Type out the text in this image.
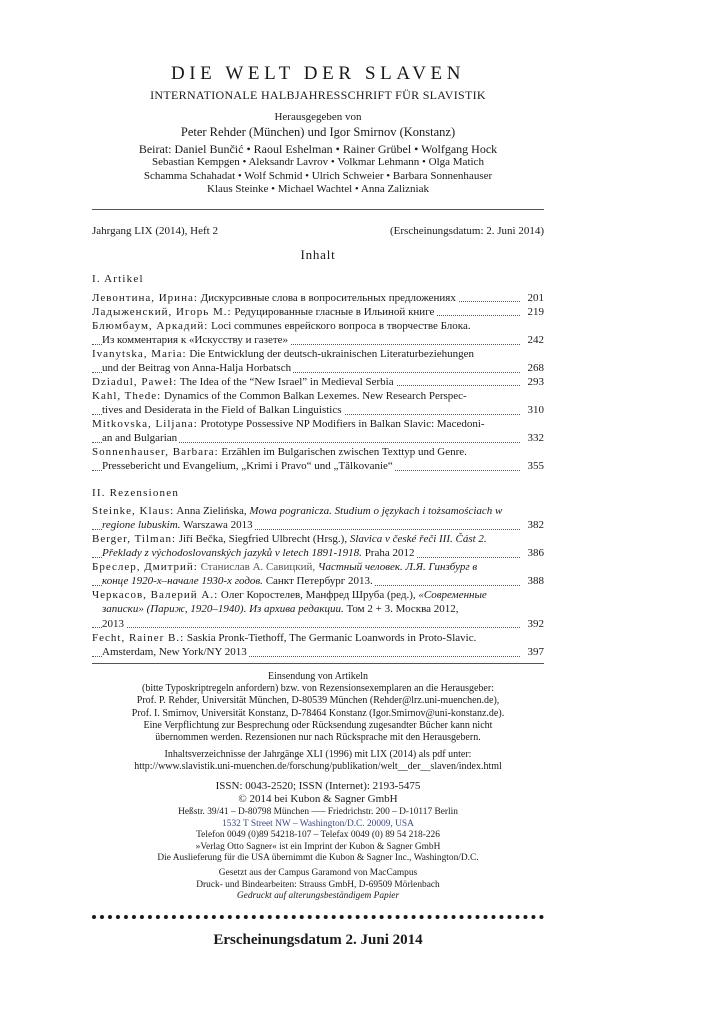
DIE WELT DER SLAVEN
INTERNATIONALE HALBJAHRESSCHRIFT FÜR SLAVISTIK
Herausgegeben von
Peter Rehder (München) und Igor Smirnov (Konstanz)
Beirat: Daniel Bunčić • Raoul Eshelman • Rainer Grübel • Wolfgang Hock
Sebastian Kempgen • Aleksandr Lavrov • Volkmar Lehmann • Olga Matich
Schamma Schahadat • Wolf Schmid • Ulrich Schweier • Barbara Sonnenhauser
Klaus Steinke • Michael Wachtel • Anna Zalizniak
Jahrgang LIX (2014), Heft 2	(Erscheinungsdatum: 2. Juni 2014)
Inhalt
I. Artikel
Левонтина, Ирина: Дискурсивные слова в вопросительных предложениях	201
Ладыженский, Игорь М.: Редуцированные гласные в Ильиной книге	219
Блюмбаум, Аркадий: Loci communes еврейского вопроса в творчестве Блока.
Из комментария к «Искусству и газете»	242
Ivanytska, Maria: Die Entwicklung der deutsch-ukrainischen Literaturbeziehungen
und der Beitrag von Anna-Halja Horbatsch	268
Dziadul, Paweł: The Idea of the “New Israel” in Medieval Serbia	293
Kahl, Thede: Dynamics of the Common Balkan Lexemes. New Research Perspec-
tives and Desiderata in the Field of Balkan Linguistics	310
Mitkovska, Liljana: Prototype Possessive NP Modifiers in Balkan Slavic: Macedoni-
an and Bulgarian	332
Sonnenhauser, Barbara: Erzählen im Bulgarischen zwischen Texttyp und Genre.
Pressebericht und Evangelium, „Krimi i Pravo“ und „Tălkovanie“	355
II. Rezensionen
Steinke, Klaus: Anna Zielińska, Mowa pogranicza. Studium o językach i tożsamościach w
regione lubuskim. Warszawa 2013	382
Berger, Tilman: Jiří Bečka, Siegfried Ulbrecht (Hrsg.), Slavica v české řeči III. Část 2.
Překlady z východoslovanských jazyků v letech 1891-1918. Praha 2012	386
Бреслер, Дмитрий: Станислав А. Савицкий, Частный человек. Л.Я. Гинзбург в
конце 1920-х–начале 1930-х годов. Санкт Петербург 2013.	388
Черкасов, Валерий А.: Олег Коростелев, Манфред Шруба (ред.), «Современные
записки» (Париж, 1920–1940). Из архива редакции. Том 2 + 3. Москва 2012,
2013	392
Fecht, Rainer B.: Saskia Pronk-Tiethoff, The Germanic Loanwords in Proto-Slavic.
Amsterdam, New York/NY 2013	397
Einsendung von Artikeln
(bitte Typoskriptregeln anfordern) bzw. von Rezensionsexemplaren an die Herausgeber:
Prof. P. Rehder, Universität München, D-80539 München (Rehder@lrz.uni-muenchen.de),
Prof. I. Smirnov, Universität Konstanz, D-78464 Konstanz (Igor.Smirnov@uni-konstanz.de).
Eine Verpflichtung zur Besprechung oder Rücksendung zugesandter Bücher kann nicht
übernommen werden. Rezensionen nur nach Rücksprache mit den Herausgebern.
Inhaltsverzeichnisse der Jahrgänge XLI (1996) mit LIX (2014) als pdf unter:
http://www.slavistik.uni-muenchen.de/forschung/publikation/welt__der__slaven/index.html
ISSN: 0043-2520; ISSN (Internet): 2193-5475
© 2014 bei Kubon & Sagner GmbH
Heßstr. 39/41 – D-80798 München —– Friedrichstr. 200 – D-10117 Berlin
1532 T Street NW – Washington/D.C. 20009, USA
Telefon 0049 (0)89 54218-107 – Telefax 0049 (0) 89 54 218-226
»Verlag Otto Sagner« ist ein Imprint der Kubon & Sagner GmbH
Die Auslieferung für die USA übernimmt die Kubon & Sagner Inc., Washington/D.C.
Gesetzt aus der Campus Garamond von MacCampus
Druck- und Bindearbeiten: Strauss GmbH, D-69509 Mörlenbach
Gedruckt auf alterungsbeständigem Papier
Erscheinungsdatum 2. Juni 2014
